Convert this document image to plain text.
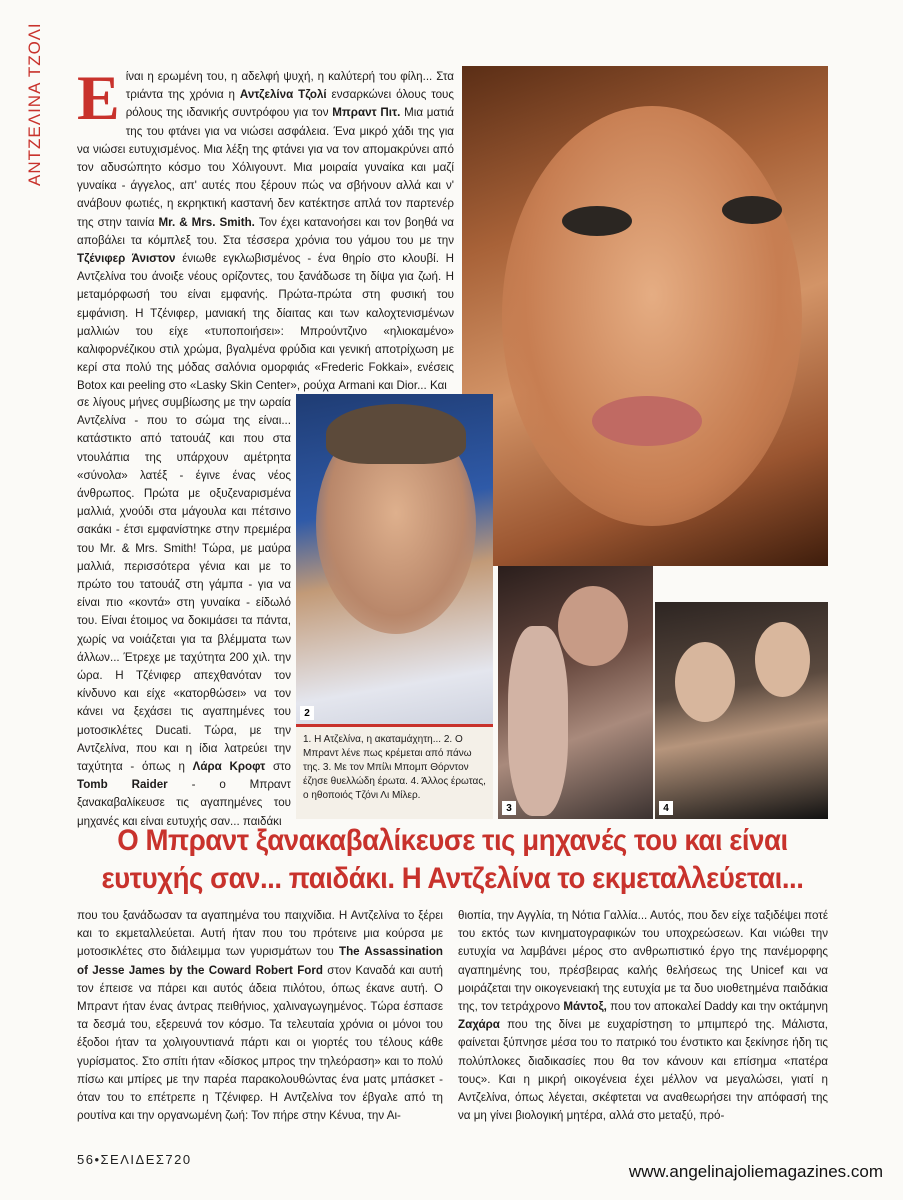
ΑΝΤΖΕΛΙΝΑ ΤΖΟΛΙ Είναι η ερωμένη του, η αδελφή ψυχή, η καλύτερή του φίλη... Στα τριάντα της χρόνια η Αντζελίνα Τζολί ενσαρκώνει όλους τους ρόλους της ιδανικής συντρόφου για τον Μπραντ Πιτ. Μια ματιά της του φτάνει για να νιώσει ασφάλεια. Ένα μικρό χάδι της για να νιώσει ευτυχισμένος. Μια λέξη της φτάνει για να τον απομακρύνει από τον αδυσώπητο κόσμο του Χόλιγουντ. Μια μοιραία γυναίκα και μαζί γυναίκα - άγγελος, απ' αυτές που ξέρουν πώς να σβήνουν αλλά και ν' ανάβουν φωτιές, η εκρηκτική καστανή δεν κατέκτησε απλά τον παρτενέρ της στην ταινία Mr. & Mrs. Smith. Τον έχει κατανοήσει και τον βοηθά να αποβάλει τα κόμπλεξ του. Στα τέσσερα χρόνια του γάμου του με την Τζένιφερ Άνιστον ένιωθε εγκλωβισμένος - ένα θηρίο στο κλουβί. Η Αντζελίνα του άνοιξε νέους ορίζοντες, του ξανάδωσε τη δίψα για ζωή. Η μεταμόρφωσή του είναι εμφανής. Πρώτα-πρώτα στη φυσική του εμφάνιση. Η Τζένιφερ, μανιακή της δίαιτας και των καλοχτενισμένων μαλλιών του είχε «τυποποιήσει»: Μπρούντζινο «ηλιοκαμένο» καλιφορνέζικου στιλ χρώμα, βγαλμένα φρύδια και γενική αποτρίχωση με κερί στα πολύ της μόδας σαλόνια ομορφιάς «Frederic Fokkai», ενέσεις Botox και peeling στο «Lasky Skin Center», ρούχα Armani και Dior... Και
σε λίγους μήνες συμβίωσης με την ωραία Αντζελίνα - που το σώμα της είναι... κατάστικτο από τατουάζ και που στα ντουλάπια της υπάρχουν αμέτρητα «σύνολα» λατέξ - έγινε ένας νέος άνθρωπος. Πρώτα με οξυζεναρισμένα μαλλιά, χνούδι στα μάγουλα και πέτσινο σακάκι - έτσι εμφανίστηκε στην πρεμιέρα του Mr. & Mrs. Smith! Τώρα, με μαύρα μαλλιά, περισσότερα γένια και με το πρώτο του τατουάζ στη γάμπα - για να είναι πιο «κοντά» στη γυναίκα - είδωλό του. Είναι έτοιμος να δοκιμάσει τα πάντα, χωρίς να νοιάζεται για τα βλέμματα των άλλων... Έτρεχε με ταχύτητα 200 χιλ. την ώρα. Η Τζένιφερ απεχθανόταν τον κίνδυνο και είχε «κατορθώσει» να τον κάνει να ξεχάσει τις αγαπημένες του μοτοσικλέτες Ducati. Τώρα, με την Αντζελίνα, που και η ίδια λατρεύει την ταχύτητα - όπως η Λάρα Κροφτ στο Tomb Raider - ο Μπραντ ξανακαβαλίκευσε τις αγαπημένες του μηχανές και είναι ευτυχής σαν... παιδάκι
2
3	4
1. Η Ατζελίνα, η ακαταμάχητη... 2. Ο Μπραντ λένε πως κρέμεται από πάνω της. 3. Με τον Μπίλι Μπομπ Θόρντον έζησε θυελλώδη έρωτα. 4. Άλλος έρωτας, ο ηθοποιός Τζόνι Λι Μίλερ.
Ο Μπραντ ξανακαβαλίκευσε τις μηχανές του και είναι
ευτυχής σαν... παιδάκι. Η Αντζελίνα το εκμεταλλεύεται...
που του ξανάδωσαν τα αγαπημένα του παιχνίδια. Η Αντζελίνα το ξέρει και το εκμεταλλεύεται. Αυτή ήταν που του πρότεινε μια κούρσα με μοτοσικλέτες στο διάλειμμα των γυρισμάτων του The Assassination of Jesse James by the Coward Robert Ford στον Καναδά και αυτή τον έπεισε να πάρει και αυτός άδεια πιλότου, όπως έκανε αυτή. Ο Μπραντ ήταν ένας άντρας πειθήνιος, χαλιναγωγημένος. Τώρα έσπασε τα δεσμά του, εξερευνά τον κόσμο. Τα τελευταία χρόνια οι μόνοι του έξοδοι ήταν τα χολιγουντιανά πάρτι και οι γιορτές του τέλους κάθε γυρίσματος. Στο σπίτι ήταν «δίσκος μπρος την τηλεόραση» και το πολύ πίσω και μπίρες με την παρέα παρακολουθώντας ένα ματς μπάσκετ - όταν του το επέτρεπε η Τζένιφερ. Η Αντζελίνα τον έβγαλε από τη ρουτίνα και την οργανωμένη ζωή: Τον πήρε στην Κένυα, την Αι-
θιοπία, την Αγγλία, τη Νότια Γαλλία... Αυτός, που δεν είχε ταξιδέψει ποτέ του εκτός των κινηματογραφικών του υποχρεώσεων. Και νιώθει την ευτυχία να λαμβάνει μέρος στο ανθρωπιστικό έργο της πανέμορφης αγαπημένης του, πρέσβειρας καλής θελήσεως της Unicef και να μοιράζεται την οικογενειακή της ευτυχία με τα δυο υιοθετημένα παιδάκια της, τον τετράχρονο Μάντοξ, που τον αποκαλεί Daddy και την οκτάμηνη Ζαχάρα που της δίνει με ευχαρίστηση το μπιμπερό της. Μάλιστα, φαίνεται ξύπνησε μέσα του το πατρικό του ένστικτο και ξεκίνησε ήδη τις πολύπλοκες διαδικασίες που θα τον κάνουν και επίσημα «πατέρα τους». Και η μικρή οικογένεια έχει μέλλον να μεγαλώσει, γιατί η Αντζελίνα, όπως λέγεται, σκέφτεται να αναθεωρήσει την απόφασή της να μη γίνει βιολογική μητέρα, αλλά στο μεταξύ, πρό-
56•ΣΕΛΙΔΕΣ720
www.angelinajoliemagazines.com
